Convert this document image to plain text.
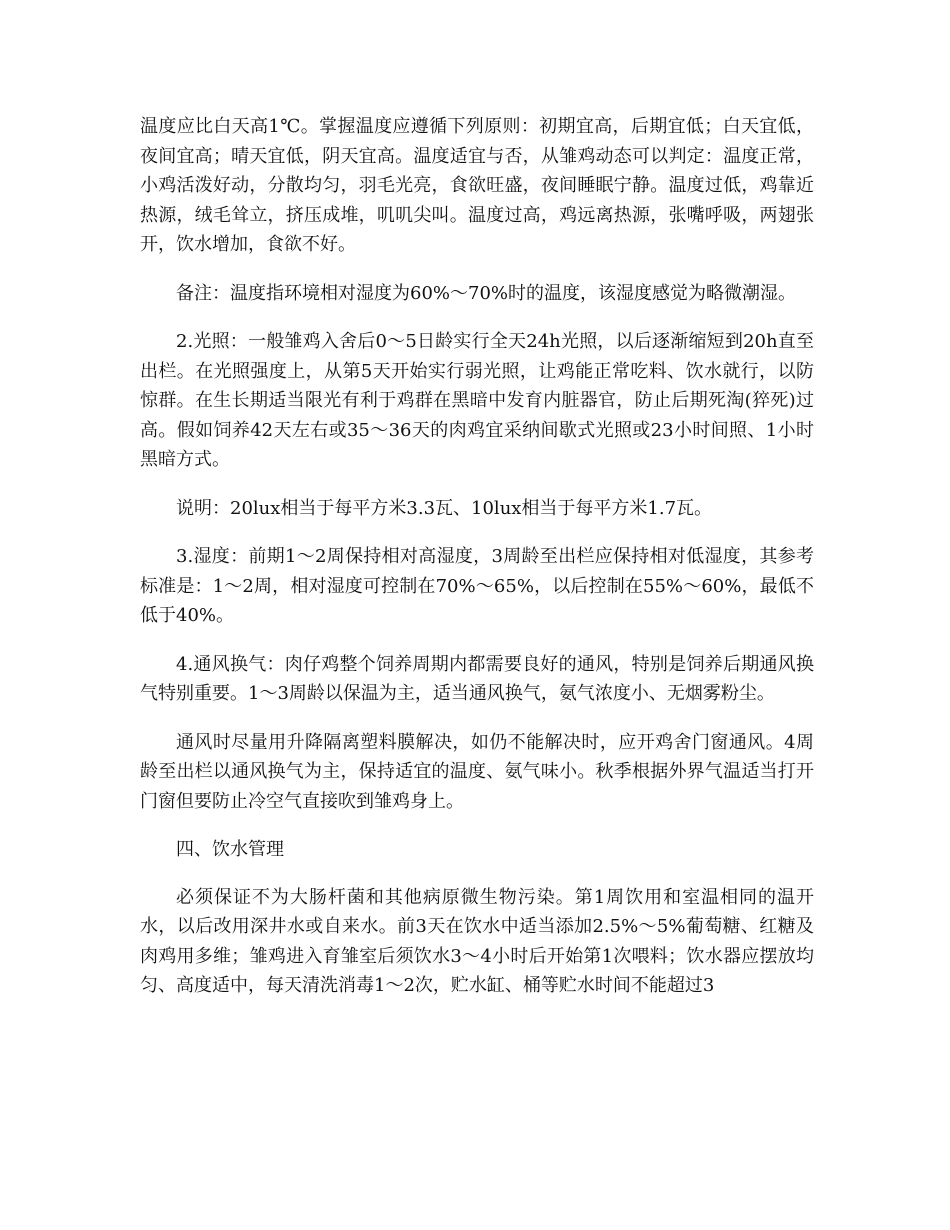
温度应比白天高1℃。掌握温度应遵循下列原则：初期宜高，后期宜低；白天宜低，夜间宜高；晴天宜低，阴天宜高。温度适宜与否，从雏鸡动态可以判定：温度正常，小鸡活泼好动，分散均匀，羽毛光亮，食欲旺盛，夜间睡眠宁静。温度过低，鸡靠近热源，绒毛耸立，挤压成堆，叽叽尖叫。温度过高，鸡远离热源，张嘴呼吸，两翅张开，饮水增加，食欲不好。

备注：温度指环境相对湿度为60%～70%时的温度，该湿度感觉为略微潮湿。

2.光照：一般雏鸡入舍后0～5日龄实行全天24h光照，以后逐渐缩短到20h直至出栏。在光照强度上，从第5天开始实行弱光照，让鸡能正常吃料、饮水就行，以防惊群。在生长期适当限光有利于鸡群在黑暗中发育内脏器官，防止后期死淘(猝死)过高。假如饲养42天左右或35～36天的肉鸡宜采纳间歇式光照或23小时间照、1小时黑暗方式。

说明：20lux相当于每平方米3.3瓦、10lux相当于每平方米1.7瓦。

3.湿度：前期1～2周保持相对高湿度，3周龄至出栏应保持相对低湿度，其参考标准是：1～2周，相对湿度可控制在70%～65%，以后控制在55%～60%，最低不低于40%。

4.通风换气：肉仔鸡整个饲养周期内都需要良好的通风，特别是饲养后期通风换气特别重要。1～3周龄以保温为主，适当通风换气，氨气浓度小、无烟雾粉尘。

通风时尽量用升降隔离塑料膜解决，如仍不能解决时，应开鸡舍门窗通风。4周龄至出栏以通风换气为主，保持适宜的温度、氨气味小。秋季根据外界气温适当打开门窗但要防止冷空气直接吹到雏鸡身上。

四、饮水管理

必须保证不为大肠杆菌和其他病原微生物污染。第1周饮用和室温相同的温开水，以后改用深井水或自来水。前3天在饮水中适当添加2.5%～5%葡萄糖、红糖及肉鸡用多维；雏鸡进入育雏室后须饮水3～4小时后开始第1次喂料；饮水器应摆放均匀、高度适中，每天清洗消毒1～2次，贮水缸、桶等贮水时间不能超过3
